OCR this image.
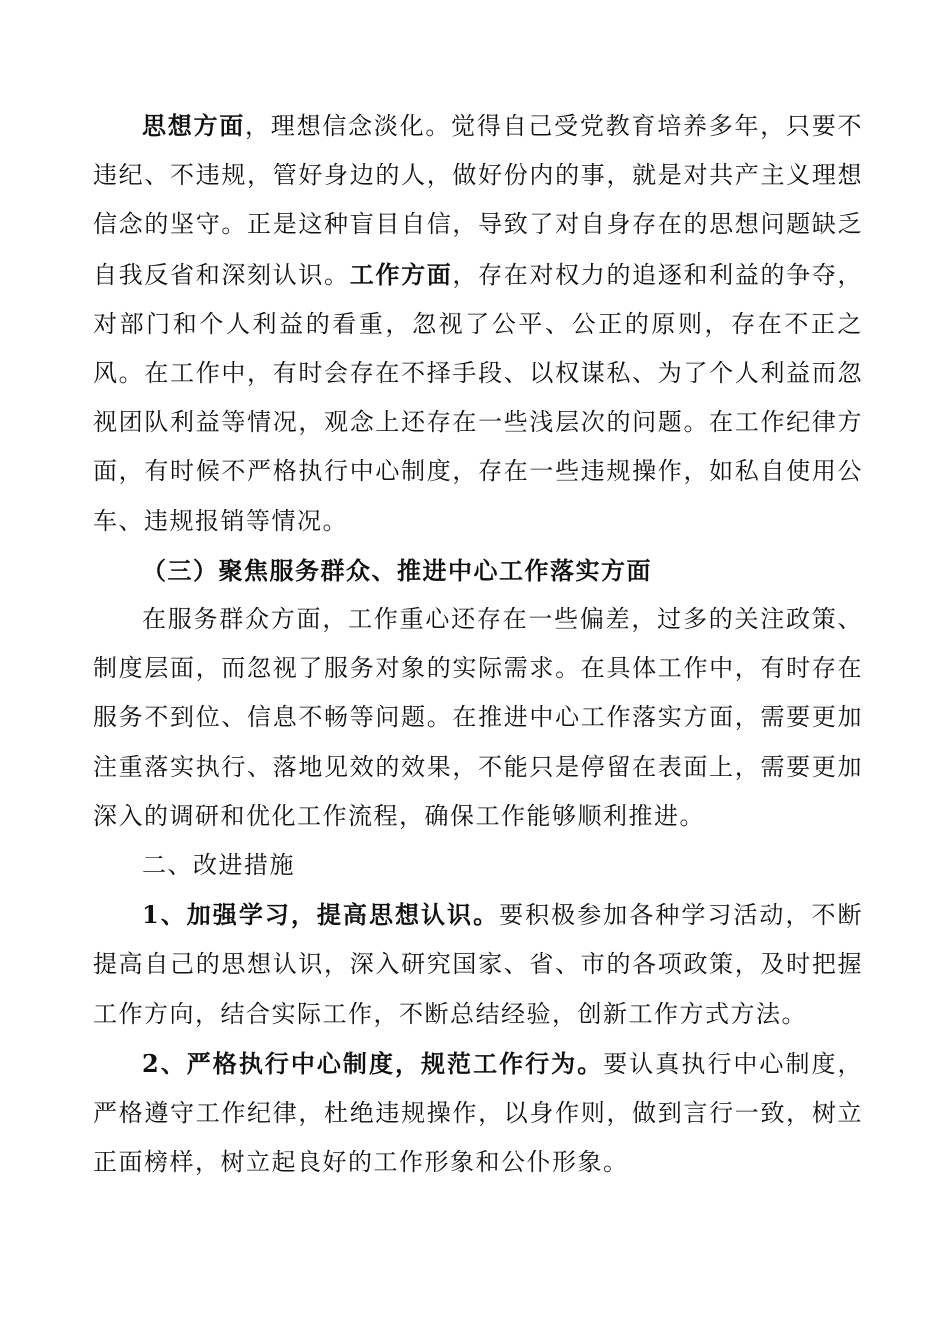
思想方面，理想信念淡化。觉得自己受党教育培养多年，只要不违纪、不违规，管好身边的人，做好份内的事，就是对共产主义理想信念的坚守。正是这种盲目自信，导致了对自身存在的思想问题缺乏自我反省和深刻认识。工作方面，存在对权力的追逐和利益的争夺，对部门和个人利益的看重，忽视了公平、公正的原则，存在不正之风。在工作中，有时会存在不择手段、以权谋私、为了个人利益而忽视团队利益等情况，观念上还存在一些浅层次的问题。在工作纪律方面，有时候不严格执行中心制度，存在一些违规操作，如私自使用公车、违规报销等情况。

（三）聚焦服务群众、推进中心工作落实方面

在服务群众方面，工作重心还存在一些偏差，过多的关注政策、制度层面，而忽视了服务对象的实际需求。在具体工作中，有时存在服务不到位、信息不畅等问题。在推进中心工作落实方面，需要更加注重落实执行、落地见效的效果，不能只是停留在表面上，需要更加深入的调研和优化工作流程，确保工作能够顺利推进。

二、改进措施

1、加强学习，提高思想认识。要积极参加各种学习活动，不断提高自己的思想认识，深入研究国家、省、市的各项政策，及时把握工作方向，结合实际工作，不断总结经验，创新工作方式方法。

2、严格执行中心制度，规范工作行为。要认真执行中心制度，严格遵守工作纪律，杜绝违规操作，以身作则，做到言行一致，树立正面榜样，树立起良好的工作形象和公仆形象。
